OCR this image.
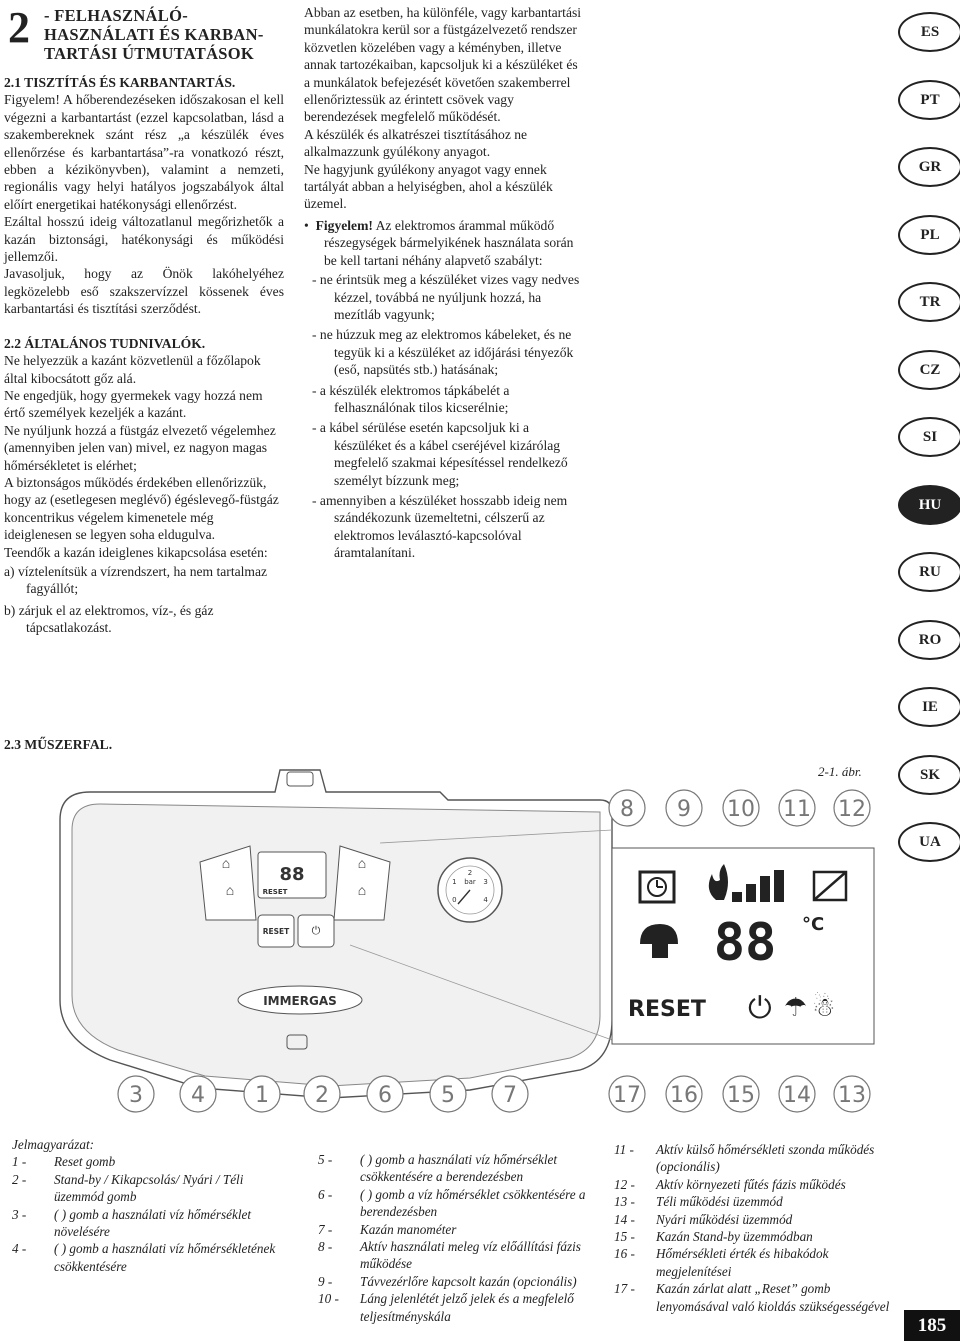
2 - FELHASZNÁLÓ-
HASZNÁLATI ÉS KARBAN-
TARTÁSI ÚTMUTATÁSOK

2.1 TISZTÍTÁS ÉS KARBANTARTÁS.

Figyelem! A hőberendezéseken időszakosan el kell végezni a karbantartást (ezzel kapcsolatban, lásd a szakembereknek szánt rész „a készülék éves ellenőrzése és karbantartása”-ra vonatkozó részt, ebben a kézikönyvben), valamint a nemzeti, regionális vagy helyi hatályos jogszabályok által előírt energetikai hatékonysági ellenőrzést.

Ezáltal hosszú ideig változatlanul megőrizhetők a kazán biztonsági, hatékonysági és működési jellemzői.

Javasoljuk, hogy az Önök lakóhelyéhez legközelebb eső szakszervízzel kössenek éves karbantartási és tisztítási szerződést.

2.2 ÁLTALÁNOS TUDNIVALÓK.

Ne helyezzük a kazánt közvetlenül a főzőlapok által kibocsátott gőz alá.

Ne engedjük, hogy gyermekek vagy hozzá nem értő személyek kezeljék a kazánt.

Ne nyúljunk hozzá a füstgáz elvezető végelemhez (amennyiben jelen van) mivel, ez nagyon magas hőmérsékletet is elérhet;

A biztonságos működés érdekében ellenőrizzük, hogy az (esetlegesen meglévő) égéslevegő-füstgáz koncentrikus végelem kimenetele még ideiglenesen se legyen soha eldugulva.

Teendők a kazán ideiglenes kikapcsolása esetén:

a) víztelenítsük a vízrendszert, ha nem tartalmaz fagyállót;

b) zárjuk el az elektromos, víz-, és gáz tápcsatlakozást.

Abban az esetben, ha különféle, vagy karbantartási munkálatokra kerül sor a füstgázelvezető rendszer közvetlen közelében vagy a kéményben, illetve annak tartozékaiban, kapcsoljuk ki a készüléket és a munkálatok befejezését követően szakemberrel ellenőriztessük az érintett csövek vagy berendezések megfelelő működését.

A készülék és alkatrészei tisztításához ne alkalmazzunk gyúlékony anyagot.

Ne hagyjunk gyúlékony anyagot vagy ennek tartályát abban a helyiségben, ahol a készülék üzemel.

•  Figyelem! Az elektromos árammal működő részegységek bármelyikének használata során be kell tartani néhány alapvető szabályt:

- ne érintsük meg a készüléket vizes vagy nedves kézzel, továbbá ne nyúljunk hozzá, ha mezítláb vagyunk;

- ne húzzuk meg az elektromos kábeleket, és ne tegyük ki a készüléket az időjárási tényezők (eső, napsütés stb.) hatásának;

- a készülék elektromos tápkábelét a felhasználónak tilos kicserélnie;

- a kábel sérülése esetén kapcsoljuk ki a készüléket és a kábel cseréjével kizárólag megfelelő szakmai képesítéssel rendelkező személyt bízzunk meg;

- amennyiben a készüléket hosszabb ideig nem szándékozunk üzemeltetni, célszerű az elektromos leválasztó-kapcsolóval áramtalanítani.

ES
PT
GR
PL
TR
CZ
SI
HU
RU
RO
IE
SK
UA
2.3 MŰSZERFAL.
2-1. ábr.
⌂
⌂
⌂
⌂
88
RESET
RESET ⏻
bar
0
1
2
3
4
IMMERGAS
88 °C
RESET ⏻ ☂ ☃
8 9 10 11 12
17 16 15 14 13
3 4 1 2 6 5 7
Jelmagyarázat:
1 -	Reset gomb
2 -	Stand-by / Kikapcsolás/ Nyári / Téli üzemmód gomb
3 -	( ) gomb a használati víz hőmérséklet növelésére
4 -	( ) gomb a használati víz hőmérsékletének csökkentésére
5 -	( ) gomb a használati víz hőmérséklet csökkentésére a berendezésben
6 -	( ) gomb a víz hőmérséklet csökkentésére a berendezésben
7 -	Kazán manométer
8 -	Aktív használati meleg víz előállítási fázis működése
9 -	Távvezérlőre kapcsolt kazán (opcionális)
10 -	Láng jelenlétét jelző jelek és a megfelelő teljesítményskála
11 -	Aktív külső hőmérsékleti szonda működés (opcionális)
12 -	Aktív környezeti fűtés fázis működés
13 -	Téli működési üzemmód
14 -	Nyári működési üzemmód
15 -	Kazán Stand-by üzemmódban
16 -	Hőmérsékleti érték és hibakódok megjelenítései
17 -	Kazán zárlat alatt „Reset” gomb lenyomásával való kioldás szükségességével
185
